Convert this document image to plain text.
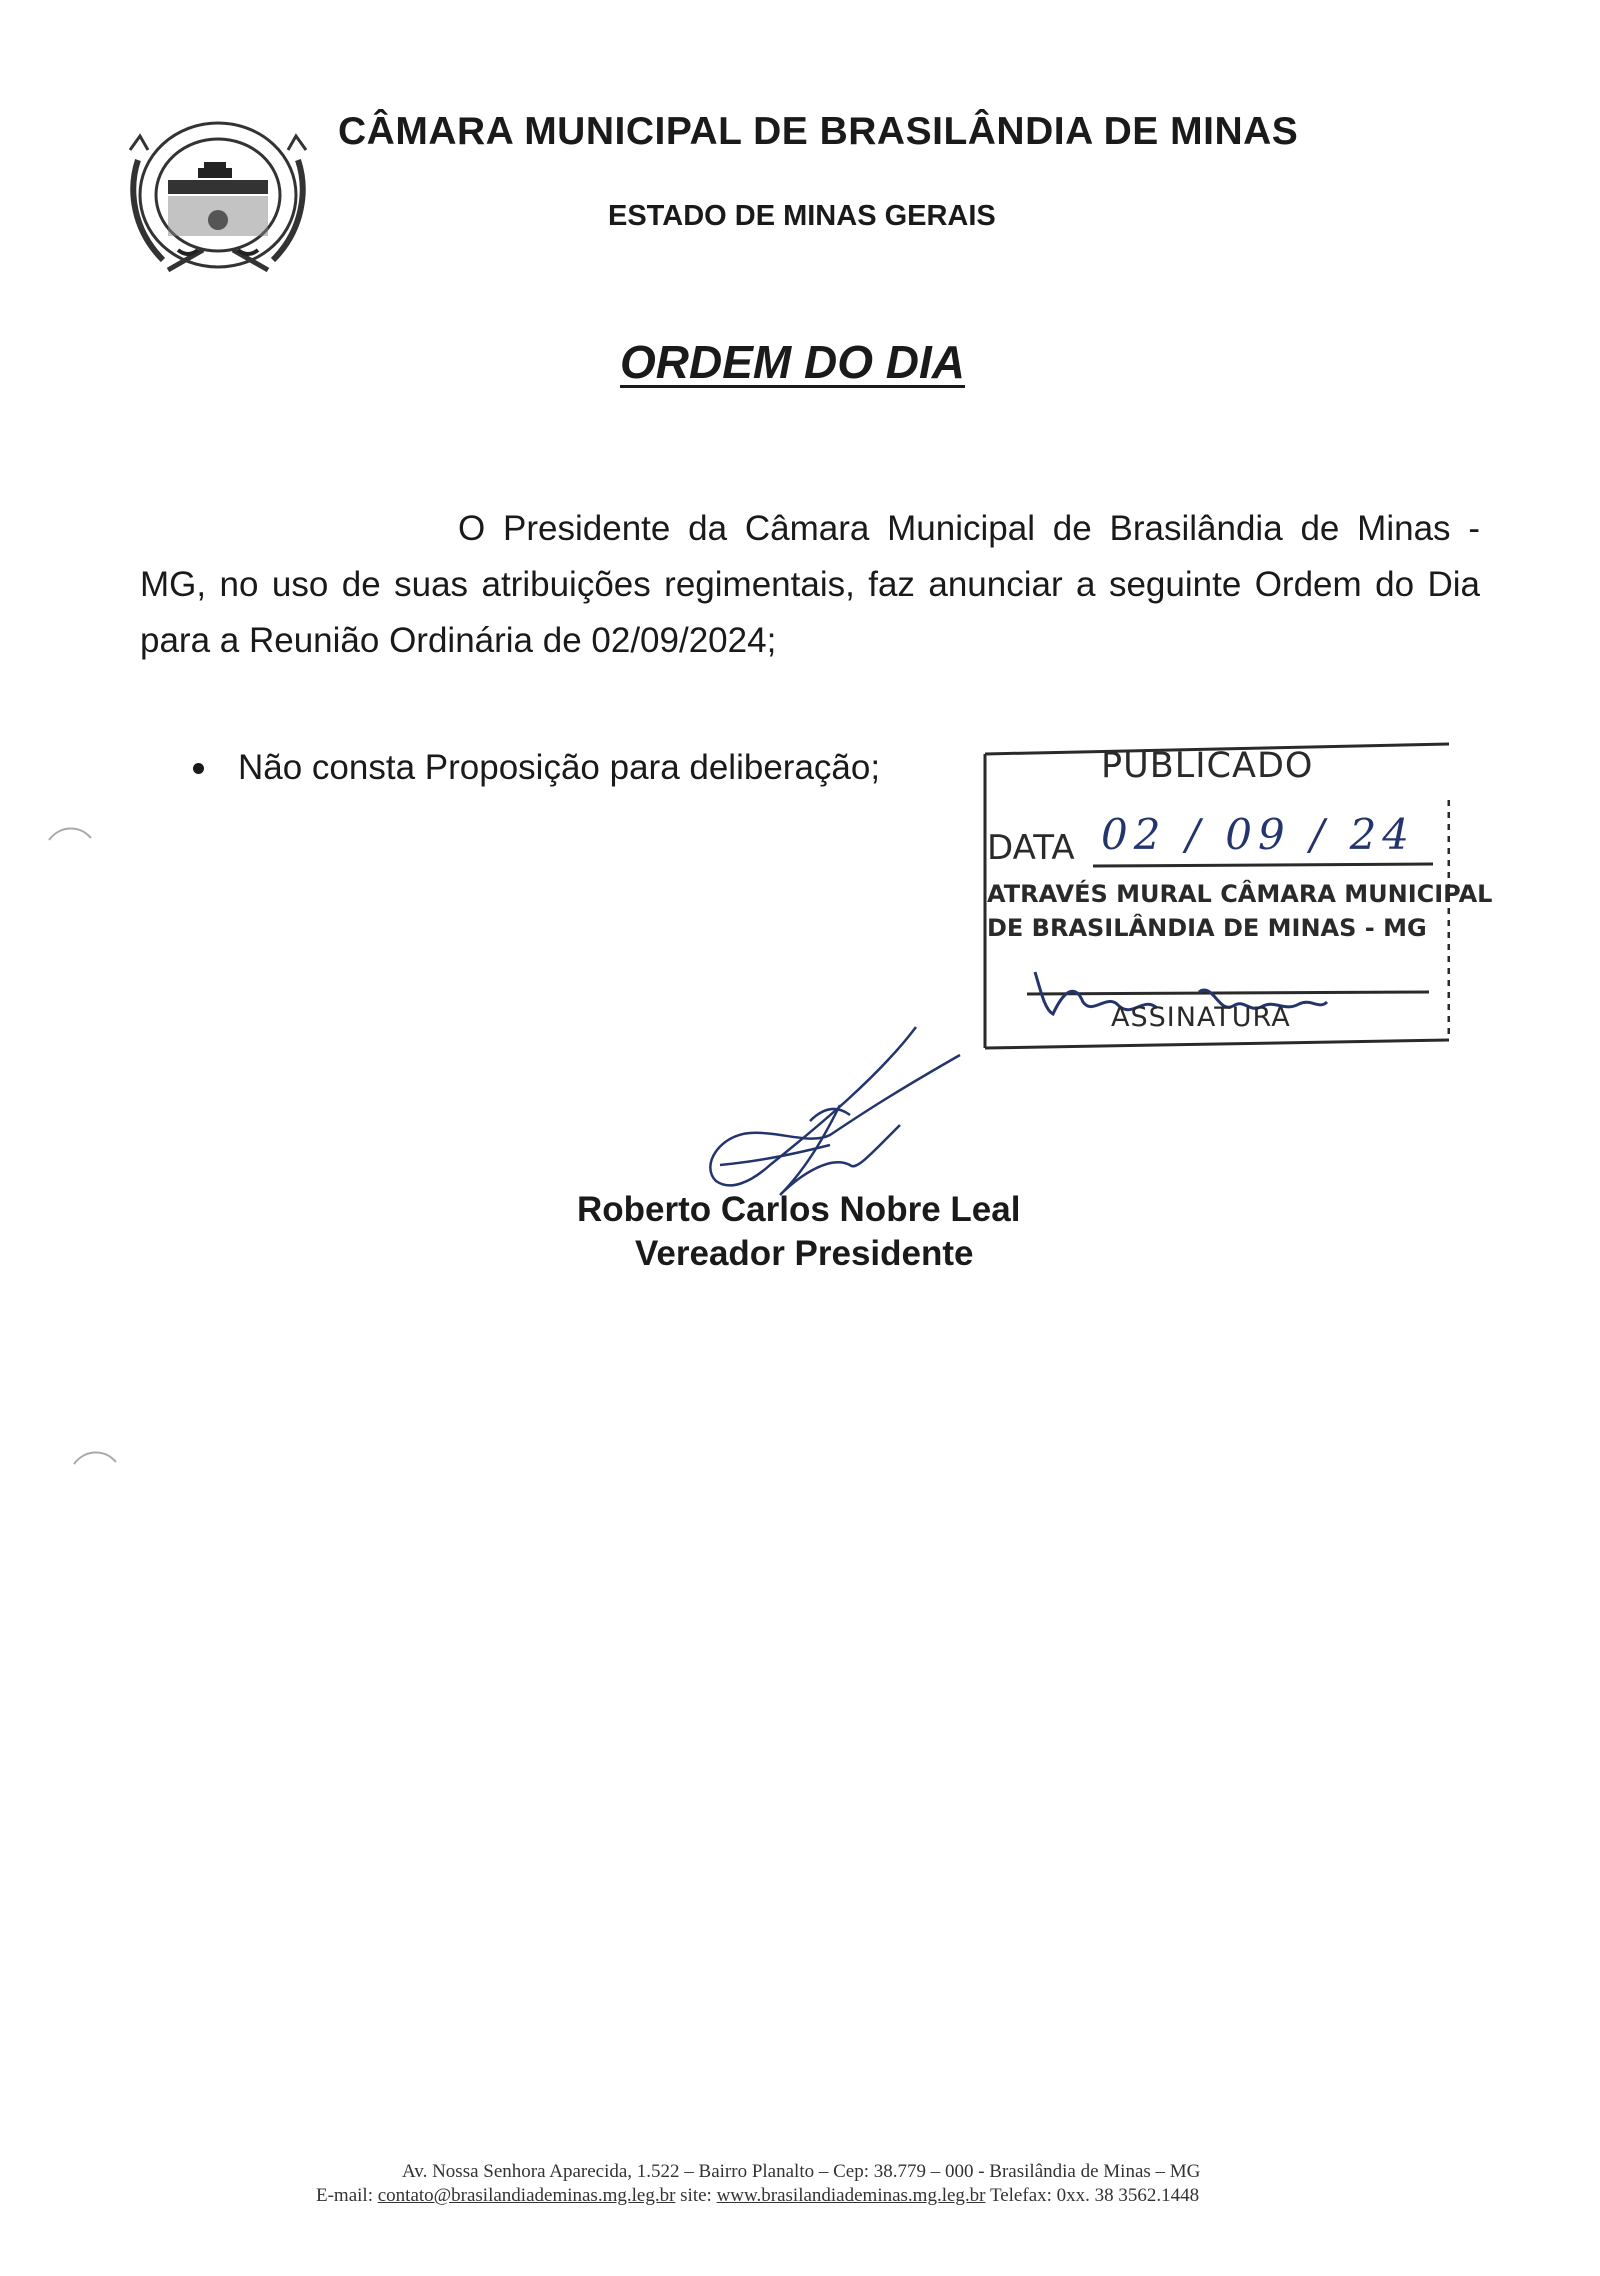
CÂMARA MUNICIPAL DE BRASILÂNDIA DE MINAS
ESTADO DE MINAS GERAIS
ORDEM DO DIA

O Presidente da Câmara Municipal de Brasilândia de Minas - MG, no uso de suas atribuições regimentais, faz anunciar a seguinte Ordem do Dia para a Reunião Ordinária de 02/09/2024;

Não consta Proposição para deliberação;	PUBLICADO
DATA 02 / 09 / 24
ATRAVÉS MURAL CÂMARA MUNICIPAL
DE BRASILÂNDIA DE MINAS - MG
ASSINATURA
Roberto Carlos Nobre Leal
Vereador Presidente
Av. Nossa Senhora Aparecida, 1.522 – Bairro Planalto – Cep: 38.779 – 000 - Brasilândia de Minas – MG
E-mail: contato@brasilandiademinas.mg.leg.br site: www.brasilandiademinas.mg.leg.br Telefax: 0xx. 38 3562.1448
